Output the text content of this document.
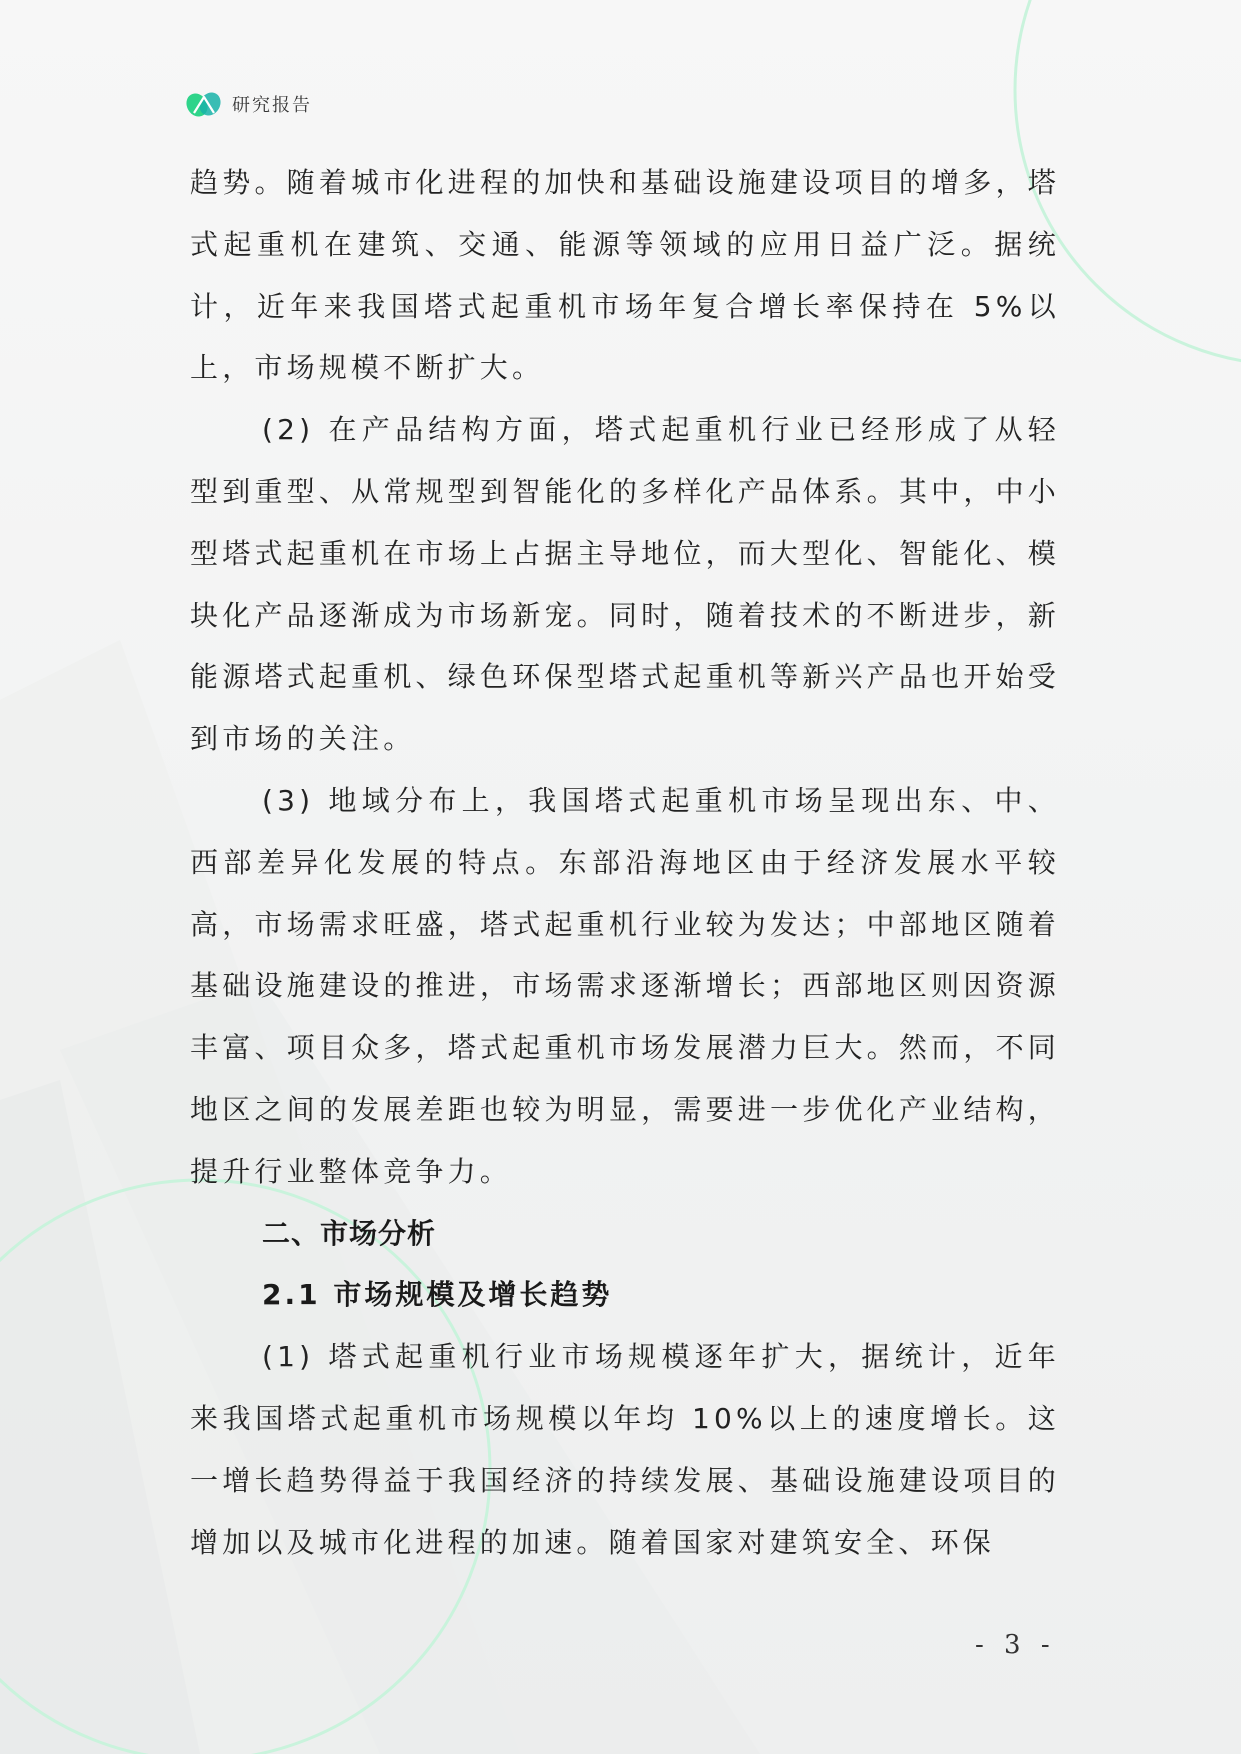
研究报告

趋势。随着城市化进程的加快和基础设施建设项目的增多，塔式起重机在建筑、交通、能源等领域的应用日益广泛。据统计，近年来我国塔式起重机市场年复合增长率保持在 5%以上，市场规模不断扩大。

(2) 在产品结构方面，塔式起重机行业已经形成了从轻型到重型、从常规型到智能化的多样化产品体系。其中，中小型塔式起重机在市场上占据主导地位，而大型化、智能化、模块化产品逐渐成为市场新宠。同时，随着技术的不断进步，新能源塔式起重机、绿色环保型塔式起重机等新兴产品也开始受到市场的关注。

(3) 地域分布上，我国塔式起重机市场呈现出东、中、西部差异化发展的特点。东部沿海地区由于经济发展水平较高，市场需求旺盛，塔式起重机行业较为发达；中部地区随着基础设施建设的推进，市场需求逐渐增长；西部地区则因资源丰富、项目众多，塔式起重机市场发展潜力巨大。然而，不同地区之间的发展差距也较为明显，需要进一步优化产业结构，提升行业整体竞争力。

二、市场分析
2.1 市场规模及增长趋势

(1) 塔式起重机行业市场规模逐年扩大，据统计，近年来我国塔式起重机市场规模以年均 10%以上的速度增长。这一增长趋势得益于我国经济的持续发展、基础设施建设项目的增加以及城市化进程的加速。随着国家对建筑安全、环保

- 3 -
